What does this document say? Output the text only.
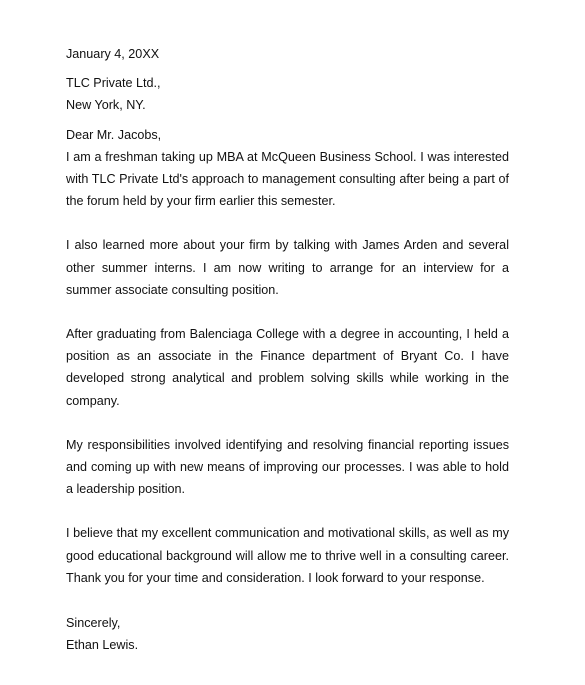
January 4, 20XX
TLC Private Ltd.,
New York, NY.
Dear Mr. Jacobs,
I am a freshman taking up MBA at McQueen Business School. I was interested
with TLC Private Ltd's approach to management consulting after being a part of
the forum held by your firm earlier this semester.
I also learned more about your firm by talking with James Arden and several
other summer interns. I am now writing to arrange for an interview for a
summer associate consulting position.
After graduating from Balenciaga College with a degree in accounting, I held a
position as an associate in the Finance department of Bryant Co. I have
developed strong analytical and problem solving skills while working in the
company.
My responsibilities involved identifying and resolving financial reporting issues
and coming up with new means of improving our processes. I was able to hold
a leadership position.
I believe that my excellent communication and motivational skills, as well as my
good educational background will allow me to thrive well in a consulting career.
Thank you for your time and consideration. I look forward to your response.
Sincerely,
Ethan Lewis.
